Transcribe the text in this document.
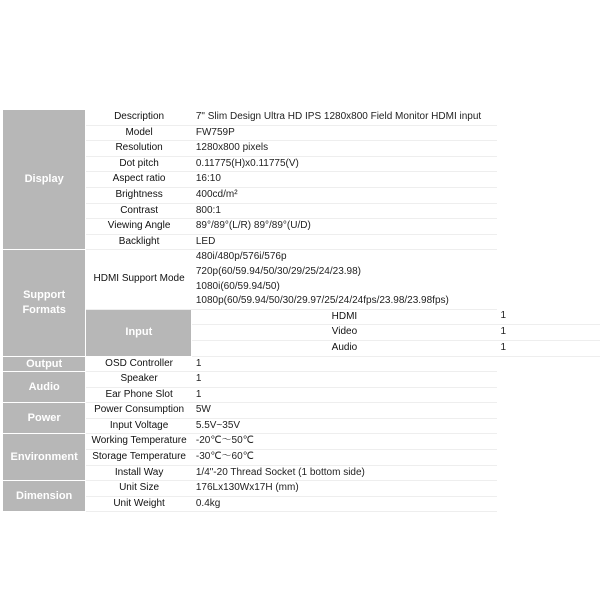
Display	Description	7" Slim Design Ultra HD IPS 1280x800 Field Monitor HDMI input	
	Model	FW759P	
	Resolution	1280x800 pixels	
	Dot pitch	0.11775(H)x0.11775(V)	
	Aspect ratio	16:10	
	Brightness	400cd/m²	
	Contrast	800:1	
	Viewing Angle	89°/89°(L/R) 89°/89°(U/D)	
	Backlight	LED	
Support Formats	HDMI Support Mode	480i/480p/576i/576p
720p(60/59.94/50/30/29/25/24/23.98)
1080i(60/59.94/50)
1080p(60/59.94/50/30/29.97/25/24/24fps/23.98/23.98fps)	

	Input	HDMI	1
		Video	1
		Audio	1
Output	OSD Controller	1	
Audio	Speaker	1	
	Ear Phone Slot	1	
Power	Power Consumption	5W	
	Input Voltage	5.5V~35V	
Environment	Working Temperature	-20℃～50℃	
	Storage Temperature	-30℃～60℃	
	Install Way	1/4"-20 Thread Socket (1 bottom side)	
Dimension	Unit Size	176Lx130Wx17H (mm)	
	Unit Weight	0.4kg	
